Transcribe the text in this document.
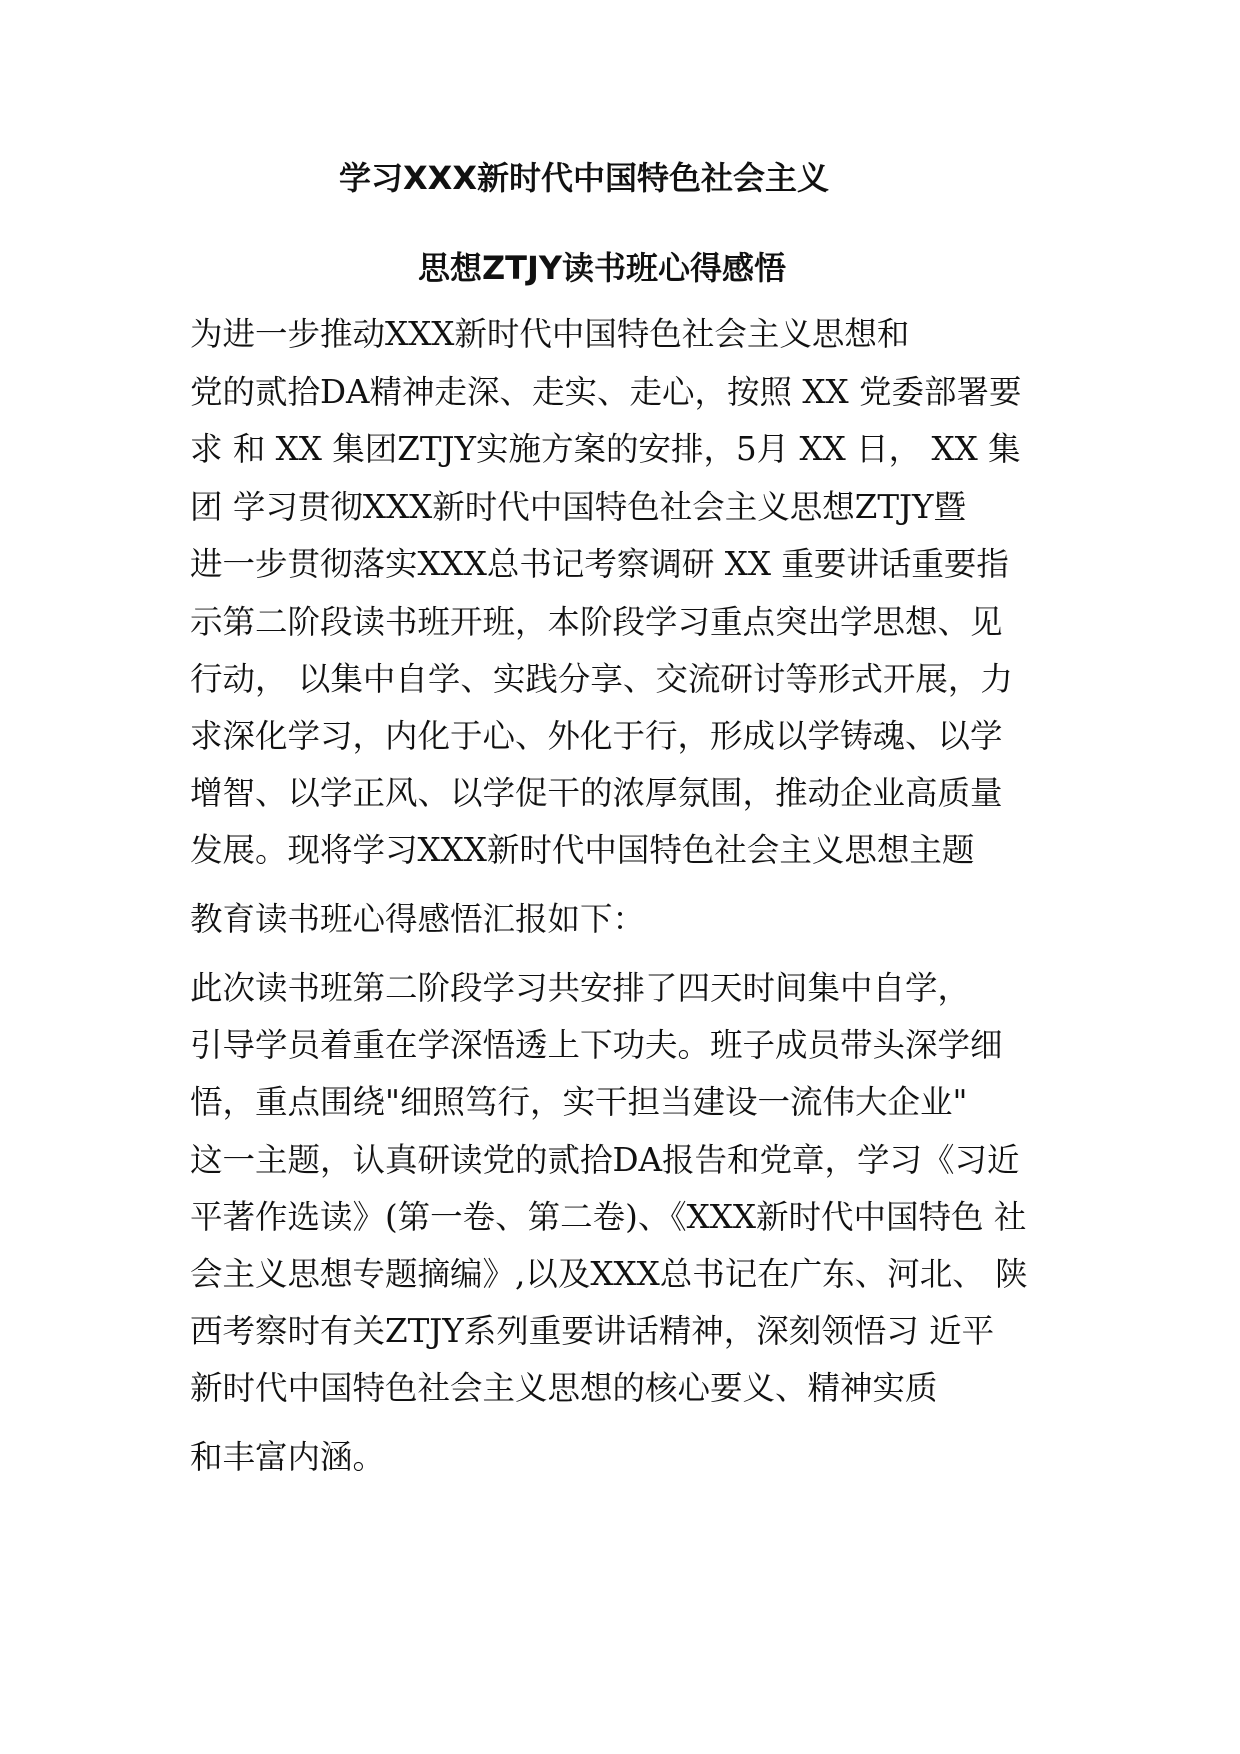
学习XXX新时代中国特色社会主义
思想ZTJY读书班心得感悟
为进一步推动XXX新时代中国特色社会主义思想和
党的贰拾DA精神走深、走实、走心，按照 XX 党委部署要
求 和 XX 集团ZTJY实施方案的安排，5月 XX 日， XX 集
团 学习贯彻XXX新时代中国特色社会主义思想ZTJY暨
进一步贯彻落实XXX总书记考察调研 XX 重要讲话重要指
示第二阶段读书班开班，本阶段学习重点突出学思想、见
行动， 以集中自学、实践分享、交流研讨等形式开展，力
求深化学习，内化于心、外化于行，形成以学铸魂、以学
增智、以学正风、以学促干的浓厚氛围，推动企业高质量
发展。现将学习XXX新时代中国特色社会主义思想主题
教育读书班心得感悟汇报如下：
此次读书班第二阶段学习共安排了四天时间集中自学，
引导学员着重在学深悟透上下功夫。班子成员带头深学细
悟，重点围绕"细照笃行，实干担当建设一流伟大企业"
这一主题，认真研读党的贰拾DA报告和党章，学习《习近
平著作选读》(第一卷、第二卷)、《XXX新时代中国特色 社
会主义思想专题摘编》,以及XXX总书记在广东、河北、 陕
西考察时有关ZTJY系列重要讲话精神，深刻领悟习 近平
新时代中国特色社会主义思想的核心要义、精神实质
和丰富内涵。
